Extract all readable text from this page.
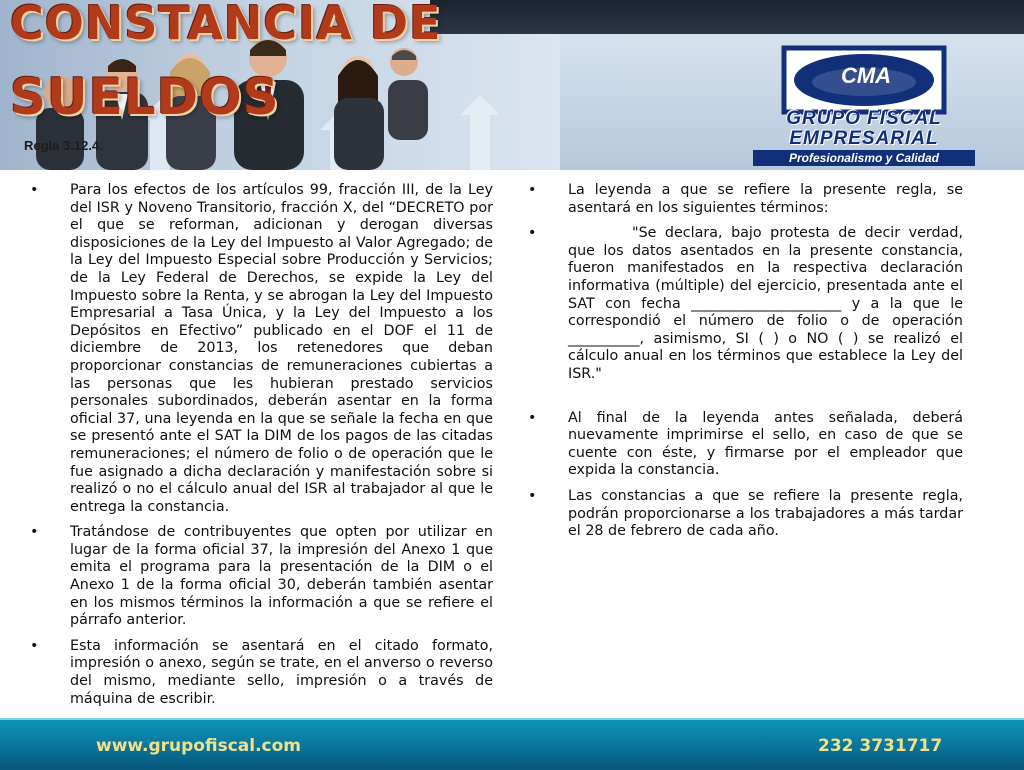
CONSTANCIA DE
SUELDOS
Regla 3.12.4.
CMA
GRUPO FISCAL
EMPRESARIAL
Profesionalismo y Calidad
• Para los efectos de los artículos 99, fracción III, de la Ley del ISR y Noveno Transitorio, fracción X, del “DECRETO por el que se reforman, adicionan y derogan diversas disposiciones de la Ley del Impuesto al Valor Agregado; de la Ley del Impuesto Especial sobre Producción y Servicios; de la Ley Federal de Derechos, se expide la Ley del Impuesto sobre la Renta, y se abrogan la Ley del Impuesto Empresarial a Tasa Única, y la Ley del Impuesto a los Depósitos en Efectivo” publicado en el DOF el 11 de diciembre de 2013, los retenedores que deban proporcionar constancias de remuneraciones cubiertas a las personas que les hubieran prestado servicios personales subordinados, deberán asentar en la forma oficial 37, una leyenda en la que se señale la fecha en que se presentó ante el SAT la DIM de los pagos de las citadas remuneraciones; el número de folio o de operación que le fue asignado a dicha declaración y manifestación sobre si realizó o no el cálculo anual del ISR al trabajador al que le entrega la constancia.
• Tratándose de contribuyentes que opten por utilizar en lugar de la forma oficial 37, la impresión del Anexo 1 que emita el programa para la presentación de la DIM o el Anexo 1 de la forma oficial 30, deberán también asentar en los mismos términos la información a que se refiere el párrafo anterior.
• Esta información se asentará en el citado formato, impresión o anexo, según se trate, en el anverso o reverso del mismo, mediante sello, impresión o a través de máquina de escribir.
• La leyenda a que se refiere la presente regla, se asentará en los siguientes términos:
•	"Se declara, bajo protesta de decir verdad, que los datos asentados en la presente constancia, fueron manifestados en la respectiva declaración informativa (múltiple) del ejercicio, presentada ante el SAT con fecha _____________________ y a la que le correspondió el número de folio o de operación __________, asimismo, SI ( ) o NO ( ) se realizó el cálculo anual en los términos que establece la Ley del ISR."
• Al final de la leyenda antes señalada, deberá nuevamente imprimirse el sello, en caso de que se cuente con éste, y firmarse por el empleador que expida la constancia.
• Las constancias a que se refiere la presente regla, podrán proporcionarse a los trabajadores a más tardar el 28 de febrero de cada año.
www.grupofiscal.com	232 3731717
